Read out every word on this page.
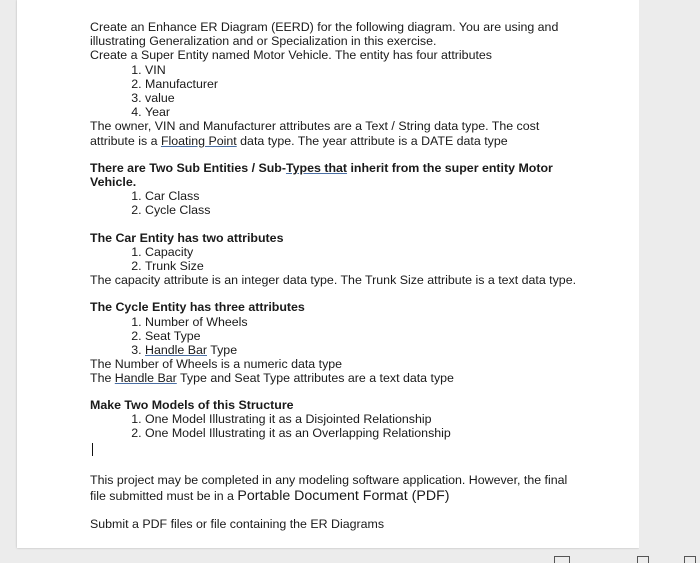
Create an Enhance ER Diagram (EERD) for the following diagram. You are using and illustrating Generalization and or Specialization in this exercise.

Create a Super Entity named Motor Vehicle. The entity has four attributes

1. VIN
2. Manufacturer
3. value
4. Year

The owner, VIN and Manufacturer attributes are a Text / String data type. The cost attribute is a Floating Point data type. The year attribute is a DATE data type

There are Two Sub Entities / Sub-Types that inherit from the super entity Motor Vehicle.

1. Car Class
2. Cycle Class

The Car Entity has two attributes

1. Capacity
2. Trunk Size

The capacity attribute is an integer data type. The Trunk Size attribute is a text data type.

The Cycle Entity has three attributes

1. Number of Wheels
2. Seat Type
3. Handle Bar Type

The Number of Wheels is a numeric data type

The Handle Bar Type and Seat Type attributes are a text data type

Make Two Models of this Structure

1. One Model Illustrating it as a Disjointed Relationship
2. One Model Illustrating it as an Overlapping Relationship

This project may be completed in any modeling software application. However, the final file submitted must be in a Portable Document Format (PDF)

Submit a PDF files or file containing the ER Diagrams
